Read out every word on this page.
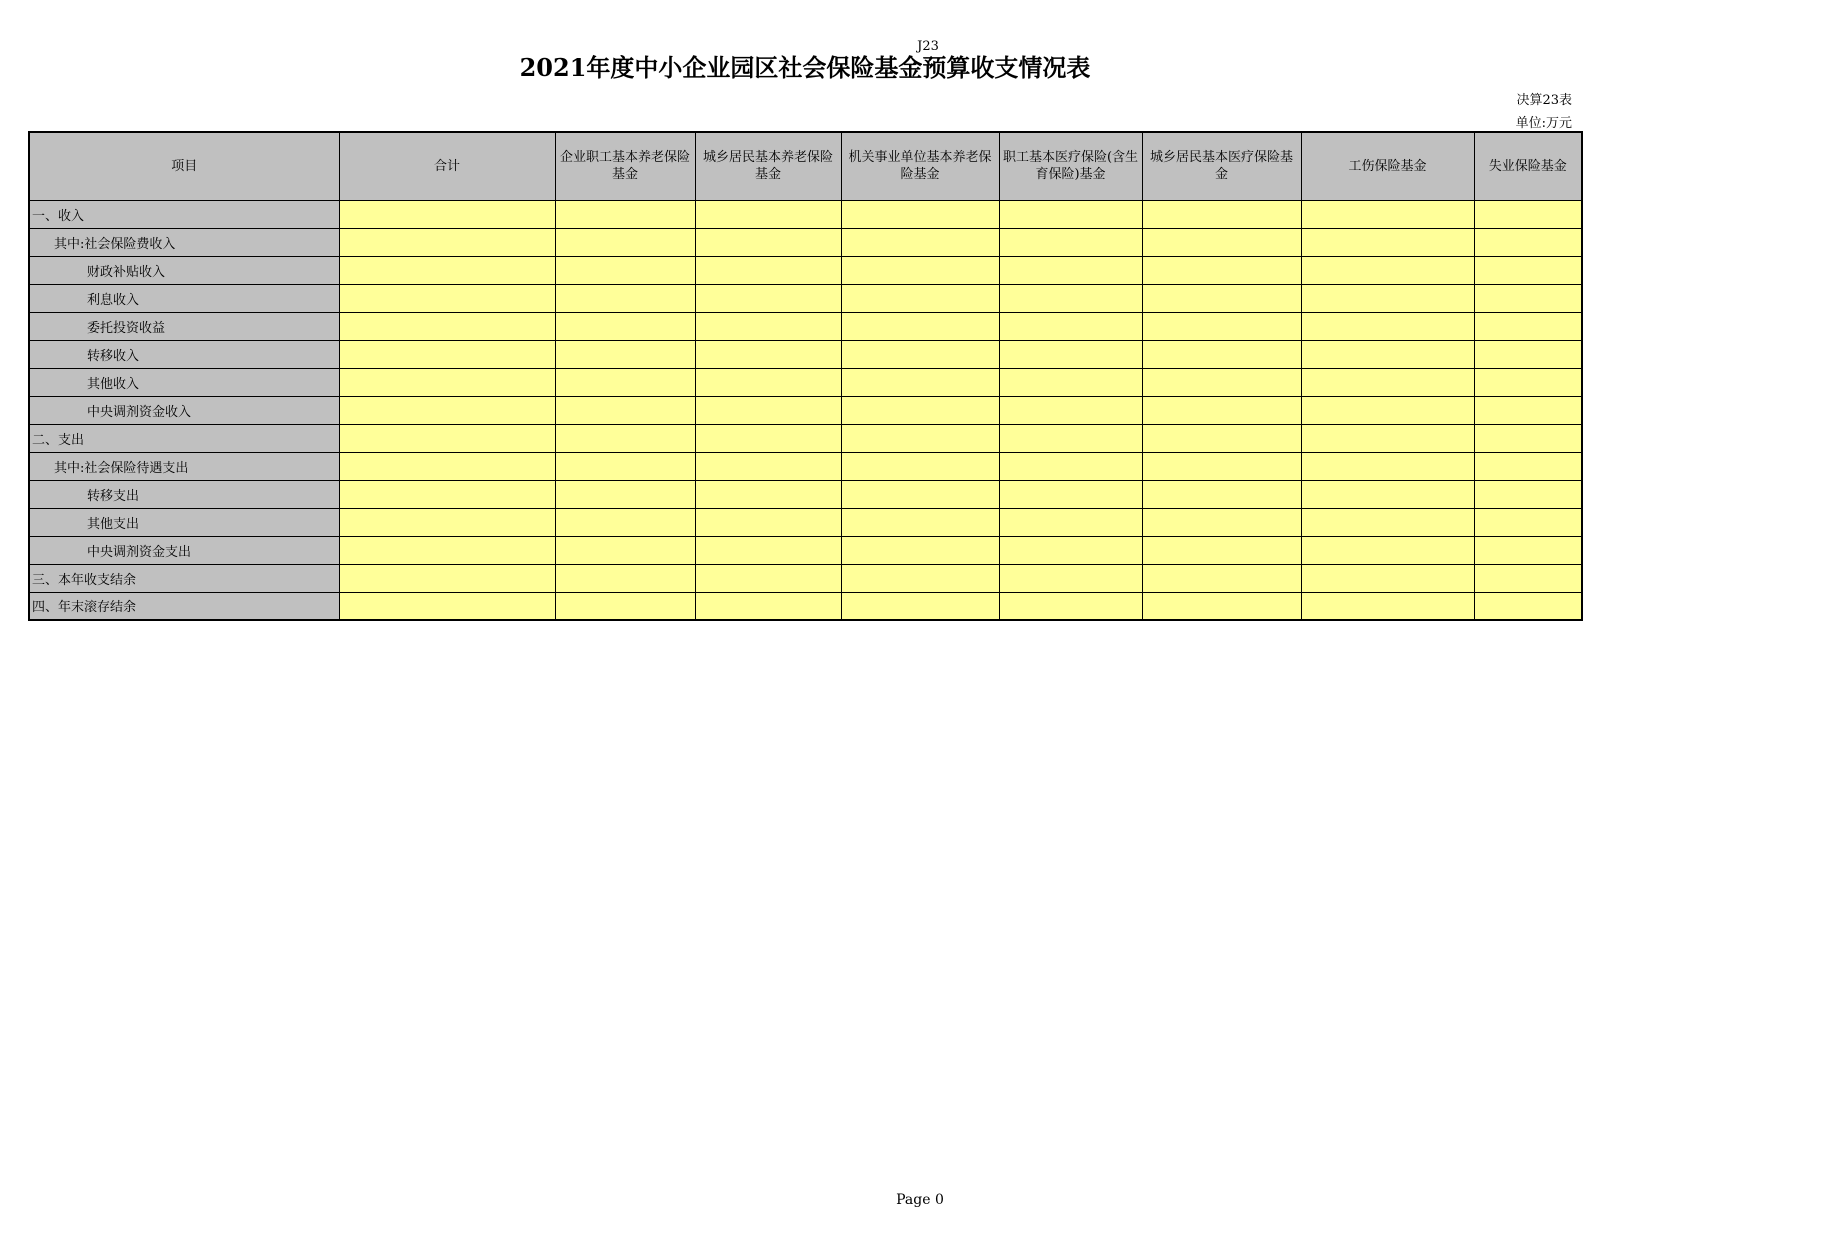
J23
2021年度中小企业园区社会保险基金预算收支情况表
决算23表
单位:万元
项目	合计	企业职工基本养老保险基金	城乡居民基本养老保险基金	机关事业单位基本养老保险基金	职工基本医疗保险(含生育保险)基金	城乡居民基本医疗保险基金	工伤保险基金	失业保险基金
一、收入								
其中:社会保险费收入								
财政补贴收入								
利息收入								
委托投资收益								
转移收入								
其他收入								
中央调剂资金收入								
二、支出								
其中:社会保险待遇支出								
转移支出								
其他支出								
中央调剂资金支出								
三、本年收支结余								
四、年末滚存结余								
Page 0
